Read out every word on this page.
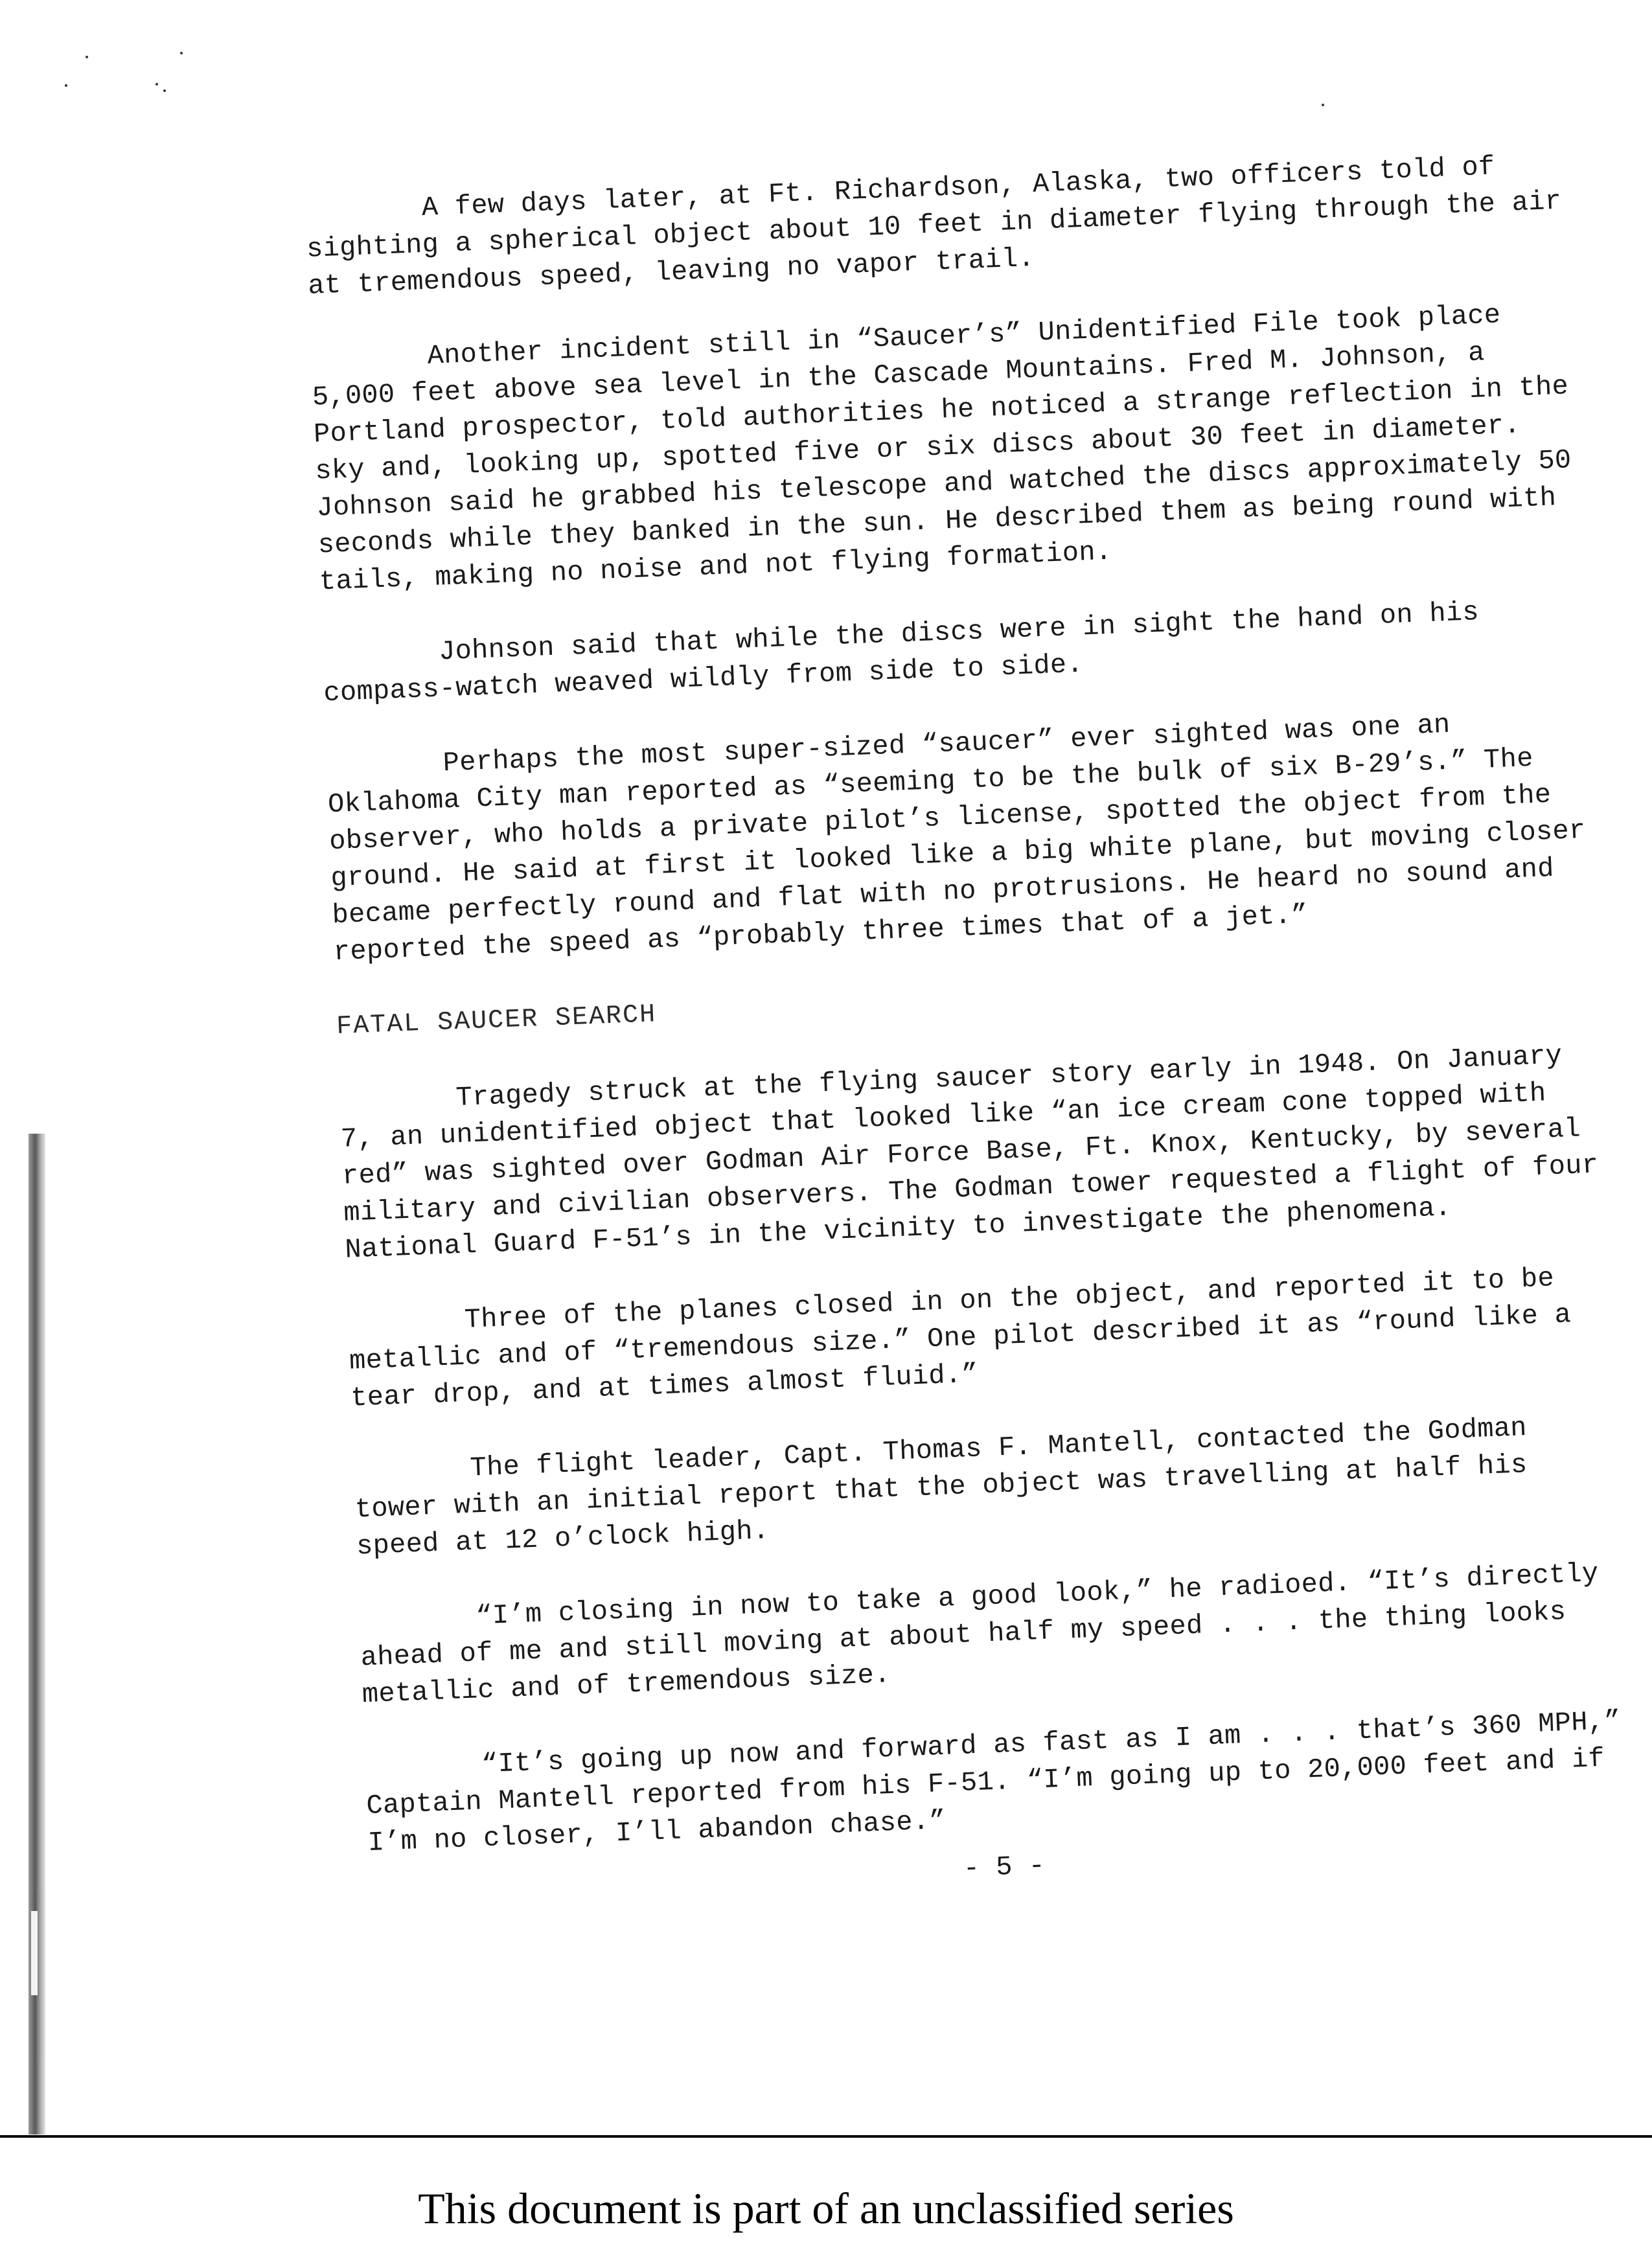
A few days later, at Ft. Richardson, Alaska, two officers told of sighting a spherical object about 10 feet in diameter flying through the air at tremendous speed, leaving no vapor trail.

Another incident still in “Saucer’s” Unidentified File took place 5,000 feet above sea level in the Cascade Mountains. Fred M. Johnson, a Portland prospector, told authorities he noticed a strange reflection in the sky and, looking up, spotted five or six discs about 30 feet in diameter. Johnson said he grabbed his telescope and watched the discs approximately 50 seconds while they banked in the sun. He described them as being round with tails, making no noise and not flying formation.

Johnson said that while the discs were in sight the hand on his compass-watch weaved wildly from side to side.

Perhaps the most super-sized “saucer” ever sighted was one an Oklahoma City man reported as “seeming to be the bulk of six B-29’s.” The observer, who holds a private pilot’s license, spotted the object from the ground. He said at first it looked like a big white plane, but moving closer became perfectly round and flat with no protrusions. He heard no sound and reported the speed as “probably three times that of a jet.”

FATAL SAUCER SEARCH

Tragedy struck at the flying saucer story early in 1948. On January 7, an unidentified object that looked like “an ice cream cone topped with red” was sighted over Godman Air Force Base, Ft. Knox, Kentucky, by several military and civilian observers. The Godman tower requested a flight of four National Guard F-51’s in the vicinity to investigate the phenomena.

Three of the planes closed in on the object, and reported it to be metallic and of “tremendous size.” One pilot described it as “round like a tear drop, and at times almost fluid.”

The flight leader, Capt. Thomas F. Mantell, contacted the Godman tower with an initial report that the object was travelling at half his speed at 12 o’clock high.

“I’m closing in now to take a good look,” he radioed. “It’s directly ahead of me and still moving at about half my speed . . . the thing looks metallic and of tremendous size.

“It’s going up now and forward as fast as I am . . . that’s 360 MPH,” Captain Mantell reported from his F-51. “I’m going up to 20,000 feet and if I’m no closer, I’ll abandon chase.”

- 5 -
This document is part of an unclassified series
